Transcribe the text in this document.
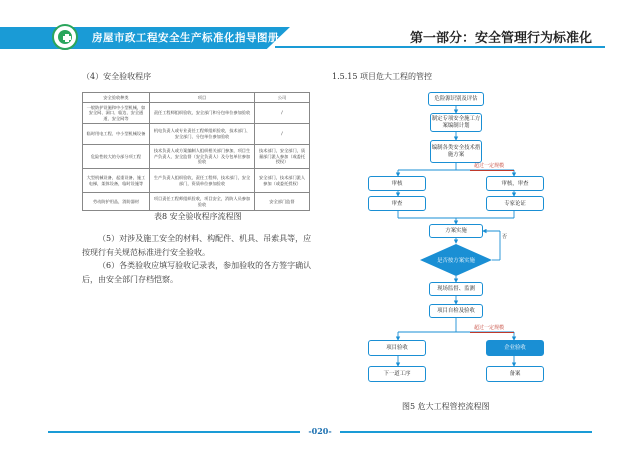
房屋市政工程安全生产标准化指导图册	第一部分：安全管理行为标准化
（4）安全验收程序
安全验收种类	项目	公司
一般防护设施和中小型机械，如安全网、洞口、临边、安全通道、安全网等	责任工程师组织验收，安全部门和分包单位参加验收	/
临时用电工程、中小型机械设备	机电负责人或专业责任工程师组织验收，技术部门、安全部门、分包单位参加验收	/
危险性较大的分部分项工程	技术负责人或方案编制人组织相关部门参加，项目生产负责人、安全监督（安全负责人）及分包单位参加验收	技术部门，安全部门，质量部门派人参加（或委托授权）
大型机械设备，起重设备，施工电梯，架体设备，临时设施等	生产负责人组织验收，责任工程师，技术部门，安全部门，资质单位参加验收	安全部门，技术部门派人参加（或委托授权）
劳动防护用品，消防器材	项目责任工程师组织验收，项目安全，消防人员参加验收	安全部门监督
表8 安全验收程序流程图
（5）对涉及施工安全的材料、构配件、机具、吊索具等，应按现行有关规范标准进行安全验收。
（6）各类验收应填写验收记录表，参加验收的各方签字确认后，由安全部门存档恺察。
1.5.15 项目危大工程的管控
危险源识别及评估
制定专项安全施工方案编制计划
编制各类安全技术措施方案
审核	审核，审查
审查	专家论证
超过一定规模
方案实施
是否按方案实施
否
现场监督、监测
项目自检及验收
超过一定规模
项目验收	企业验收
下一道工序	备案
图5 危大工程管控流程图
-020-
